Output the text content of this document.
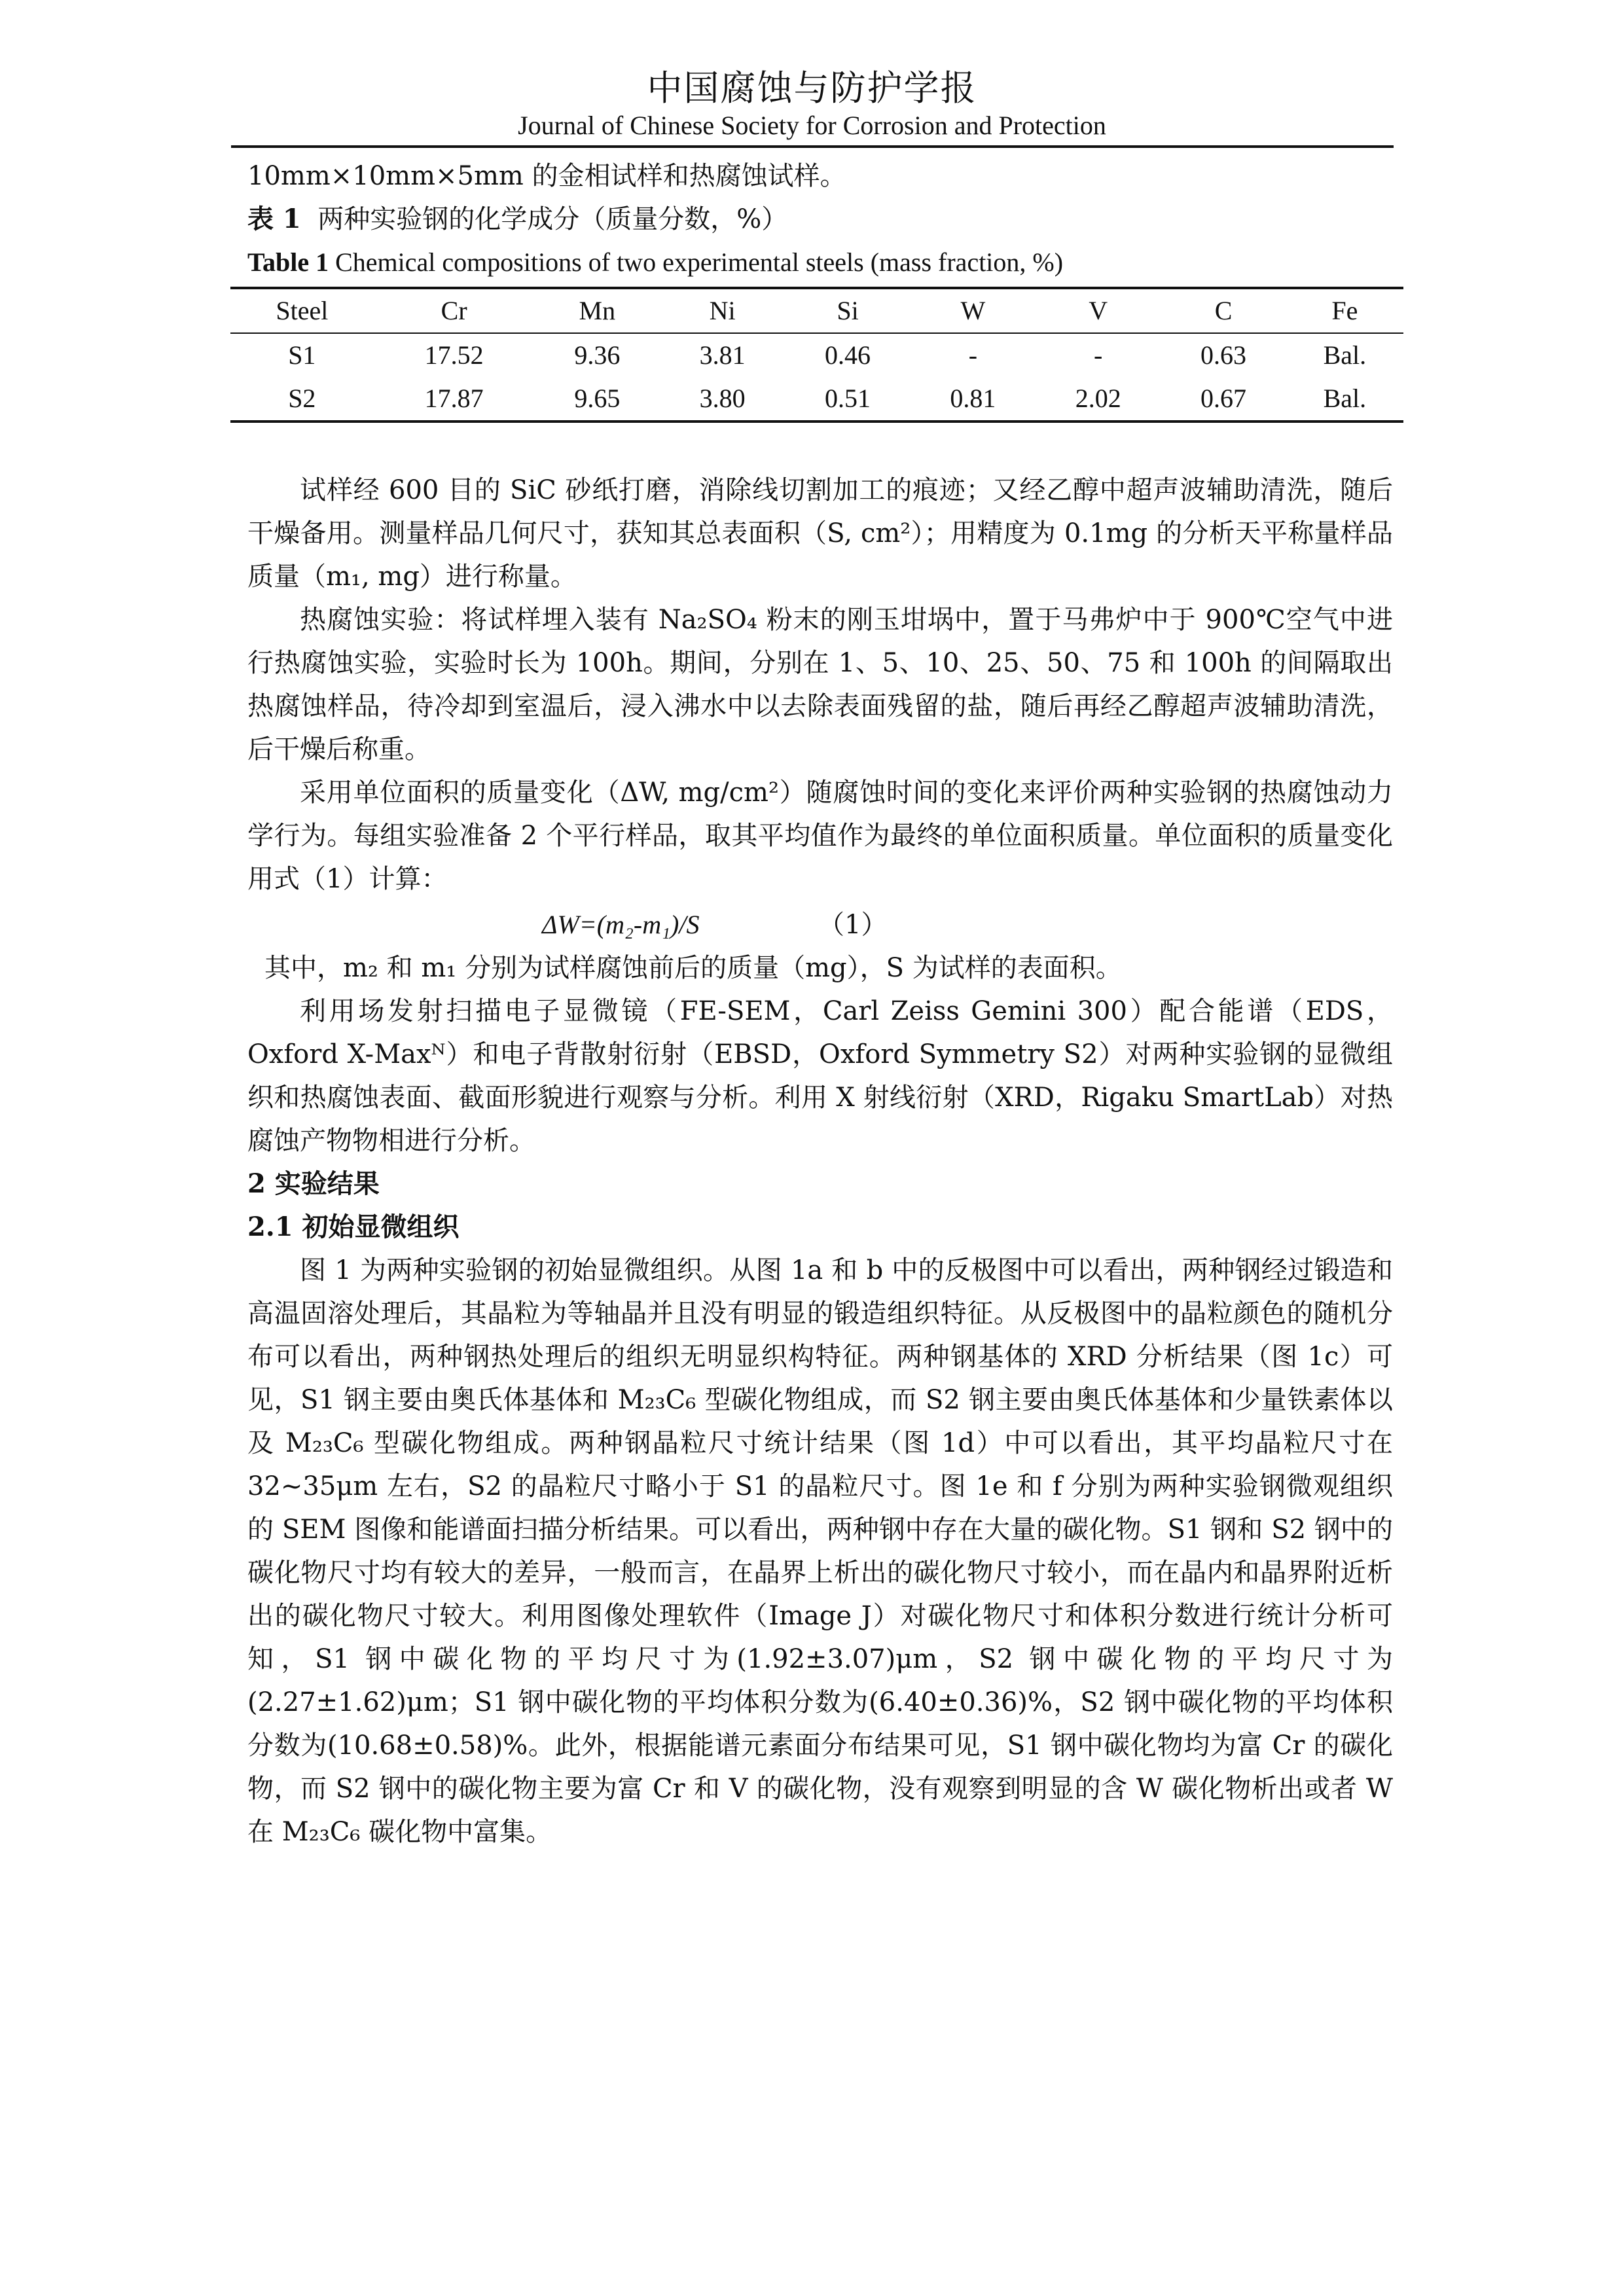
中国腐蚀与防护学报
Journal of Chinese Society for Corrosion and Protection

10mm×10mm×5mm 的金相试样和热腐蚀试样。

表 1 两种实验钢的化学成分（质量分数，%）

Table 1 Chemical compositions of two experimental steels (mass fraction, %)

Steel	Cr	Mn	Ni	Si	W	V	C	Fe
S1	17.52	9.36	3.81	0.46	-	-	0.63	Bal.
S2	17.87	9.65	3.80	0.51	0.81	2.02	0.67	Bal.

试样经 600 目的 SiC 砂纸打磨，消除线切割加工的痕迹；又经乙醇中超声波辅助清洗，随后干燥备用。测量样品几何尺寸，获知其总表面积（S, cm²）；用精度为 0.1mg 的分析天平称量样品质量（m₁, mg）进行称量。

热腐蚀实验：将试样埋入装有 Na₂SO₄ 粉末的刚玉坩埚中，置于马弗炉中于 900℃空气中进行热腐蚀实验，实验时长为 100h。期间，分别在 1、5、10、25、50、75 和 100h 的间隔取出热腐蚀样品，待冷却到室温后，浸入沸水中以去除表面残留的盐，随后再经乙醇超声波辅助清洗，后干燥后称重。

采用单位面积的质量变化（ΔW, mg/cm²）随腐蚀时间的变化来评价两种实验钢的热腐蚀动力学行为。每组实验准备 2 个平行样品，取其平均值作为最终的单位面积质量。单位面积的质量变化用式（1）计算：

ΔW=(m₂-m₁)/S	（1）

其中，m₂ 和 m₁ 分别为试样腐蚀前后的质量（mg），S 为试样的表面积。

利用场发射扫描电子显微镜（FE-SEM，Carl Zeiss Gemini 300）配合能谱（EDS，Oxford X-Maxᴺ）和电子背散射衍射（EBSD，Oxford Symmetry S2）对两种实验钢的显微组织和热腐蚀表面、截面形貌进行观察与分析。利用 X 射线衍射（XRD，Rigaku SmartLab）对热腐蚀产物物相进行分析。

2 实验结果

2.1 初始显微组织

图 1 为两种实验钢的初始显微组织。从图 1a 和 b 中的反极图中可以看出，两种钢经过锻造和高温固溶处理后，其晶粒为等轴晶并且没有明显的锻造组织特征。从反极图中的晶粒颜色的随机分布可以看出，两种钢热处理后的组织无明显织构特征。两种钢基体的 XRD 分析结果（图 1c）可见，S1 钢主要由奥氏体基体和 M₂₃C₆ 型碳化物组成，而 S2 钢主要由奥氏体基体和少量铁素体以及 M₂₃C₆ 型碳化物组成。两种钢晶粒尺寸统计结果（图 1d）中可以看出，其平均晶粒尺寸在 32~35μm 左右，S2 的晶粒尺寸略小于 S1 的晶粒尺寸。图 1e 和 f 分别为两种实验钢微观组织的 SEM 图像和能谱面扫描分析结果。可以看出，两种钢中存在大量的碳化物。S1 钢和 S2 钢中的碳化物尺寸均有较大的差异，一般而言，在晶界上析出的碳化物尺寸较小，而在晶内和晶界附近析出的碳化物尺寸较大。利用图像处理软件（Image J）对碳化物尺寸和体积分数进行统计分析可知，S1 钢中碳化物的平均尺寸为(1.92±3.07)μm，S2 钢中碳化物的平均尺寸为(2.27±1.62)μm；S1 钢中碳化物的平均体积分数为(6.40±0.36)%，S2 钢中碳化物的平均体积分数为(10.68±0.58)%。此外，根据能谱元素面分布结果可见，S1 钢中碳化物均为富 Cr 的碳化物，而 S2 钢中的碳化物主要为富 Cr 和 V 的碳化物，没有观察到明显的含 W 碳化物析出或者 W 在 M₂₃C₆ 碳化物中富集。
